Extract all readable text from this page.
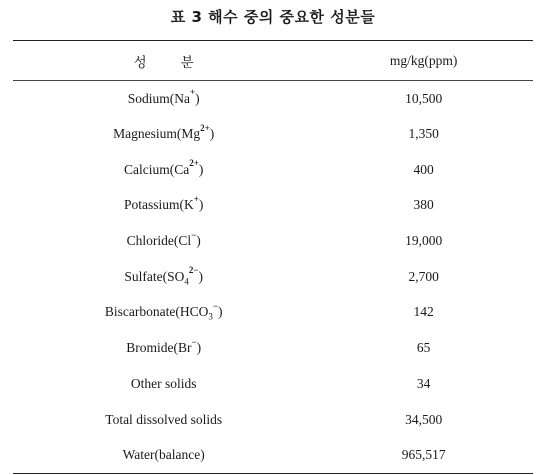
표 3 해수 중의 중요한 성분들
성분	mg/kg(ppm)
Sodium(Na+)	10,500
$Magnesium(Mg^{2+})$	1,350
$Calcium(Ca^{2+})$	400
Potassium(K+)	380
Chloride(Cl−)	19,000
$Sulfate(SO_4^{2-})$	2,700
$Biscarbonate(HCO_3^-)$	142
Bromide(Br−)	65
Other solids	34
Total dissolved solids	34,500
Water(balance)	965,517
